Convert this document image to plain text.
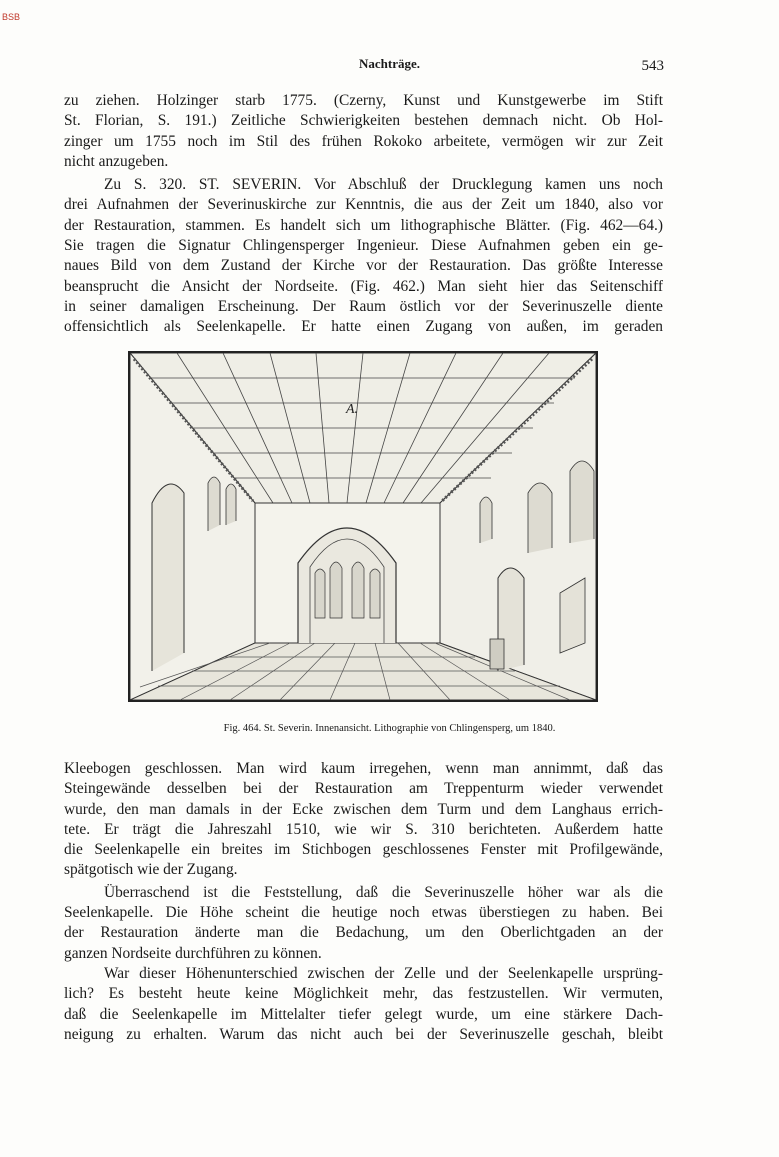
BSB
Nachträge.	543

zu ziehen. Holzinger starb 1775. (Czerny, Kunst und Kunstgewerbe im Stift
St. Florian, S. 191.) Zeitliche Schwierigkeiten bestehen demnach nicht. Ob Hol-
zinger um 1755 noch im Stil des frühen Rokoko arbeitete, vermögen wir zur Zeit

nicht anzugeben.

Zu S. 320. ST. SEVERIN. Vor Abschluß der Drucklegung kamen uns noch

drei Aufnahmen der Severinuskirche zur Kenntnis, die aus der Zeit um 1840, also vor
der Restauration, stammen. Es handelt sich um lithographische Blätter. (Fig. 462—64.)
Sie tragen die Signatur Chlingensperger Ingenieur. Diese Aufnahmen geben ein ge-
naues Bild von dem Zustand der Kirche vor der Restauration. Das größte Interesse
beansprucht die Ansicht der Nordseite. (Fig. 462.) Man sieht hier das Seitenschiff
in seiner damaligen Erscheinung. Der Raum östlich vor der Severinuszelle diente
offensichtlich als Seelenkapelle. Er hatte einen Zugang von außen, im geraden

A.
Fig. 464. St. Severin. Innenansicht. Lithographie von Chlingensperg, um 1840.

Kleebogen geschlossen. Man wird kaum irregehen, wenn man annimmt, daß das
Steingewände desselben bei der Restauration am Treppenturm wieder verwendet
wurde, den man damals in der Ecke zwischen dem Turm und dem Langhaus errich-
tete. Er trägt die Jahreszahl 1510, wie wir S. 310 berichteten. Außerdem hatte
die Seelenkapelle ein breites im Stichbogen geschlossenes Fenster mit Profilgewände,

spätgotisch wie der Zugang.

Überraschend ist die Feststellung, daß die Severinuszelle höher war als die

Seelenkapelle. Die Höhe scheint die heutige noch etwas überstiegen zu haben. Bei
der Restauration änderte man die Bedachung, um den Oberlichtgaden an der

ganzen Nordseite durchführen zu können.

War dieser Höhenunterschied zwischen der Zelle und der Seelenkapelle ursprüng-

lich? Es besteht heute keine Möglichkeit mehr, das festzustellen. Wir vermuten,
daß die Seelenkapelle im Mittelalter tiefer gelegt wurde, um eine stärkere Dach-
neigung zu erhalten. Warum das nicht auch bei der Severinuszelle geschah, bleibt
